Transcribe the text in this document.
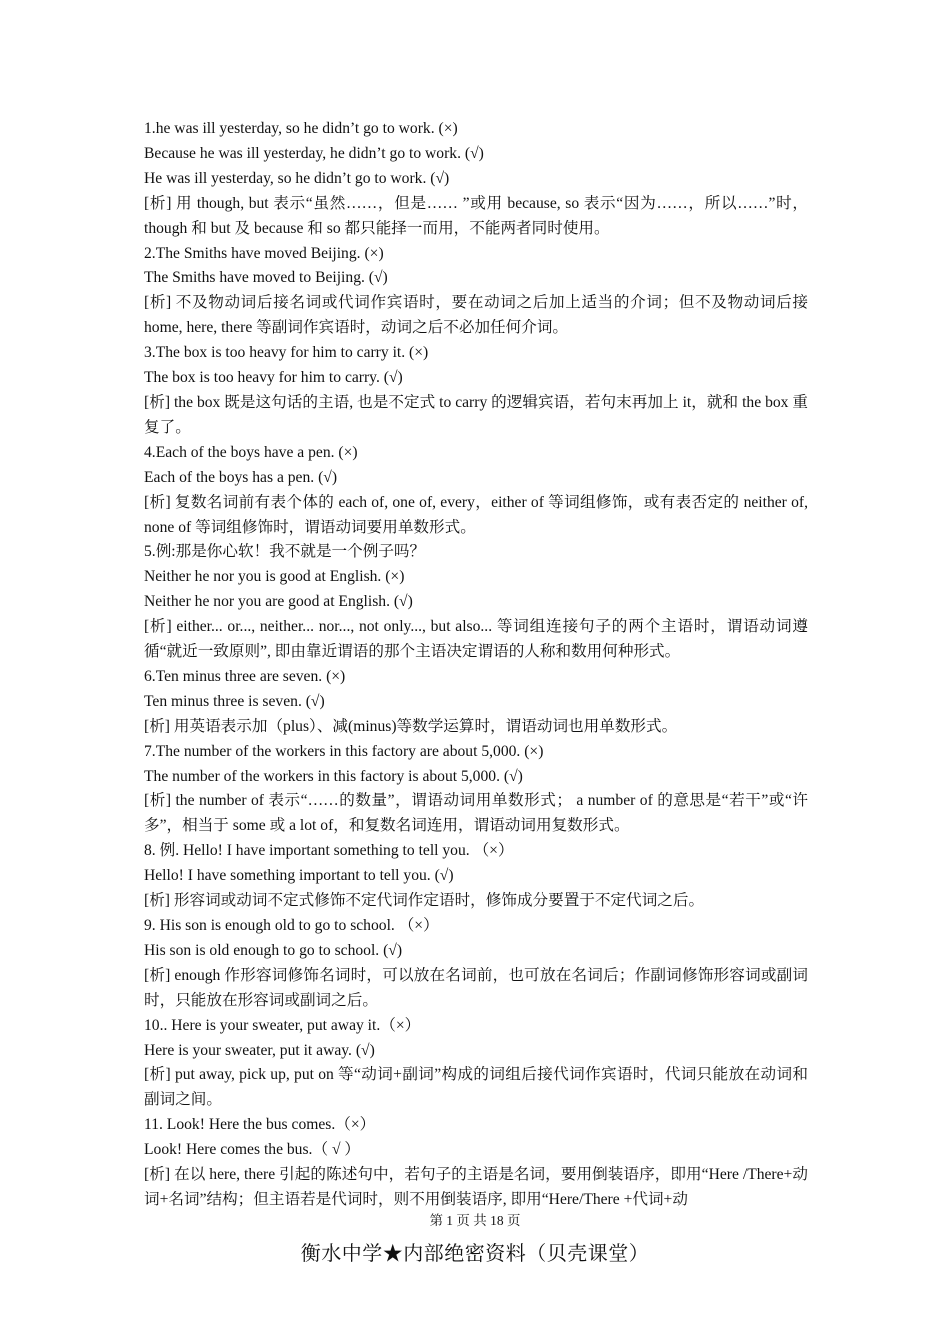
1.he was ill yesterday, so he didn’t go to work. (×)
Because he was ill yesterday, he didn’t go to work. (√)
He was ill yesterday, so he didn’t go to work. (√)
[析] 用 though, but 表示“虽然……，但是…… ”或用 because, so 表示“因为……，所以……”时，though 和 but 及 because 和 so 都只能择一而用，不能两者同时使用。
2.The Smiths have moved Beijing. (×)
The Smiths have moved to Beijing. (√)
[析] 不及物动词后接名词或代词作宾语时，要在动词之后加上适当的介词；但不及物动词后接 home, here, there 等副词作宾语时，动词之后不必加任何介词。
3.The box is too heavy for him to carry it. (×)
The box is too heavy for him to carry. (√)
[析] the box 既是这句话的主语, 也是不定式 to carry 的逻辑宾语，若句末再加上 it，就和 the box 重复了。
4.Each of the boys have a pen. (×)
Each of the boys has a pen. (√)
[析] 复数名词前有表个体的 each of, one of, every，either of 等词组修饰，或有表否定的 neither of, none of 等词组修饰时，谓语动词要用单数形式。
5.例:那是你心软！我不就是一个例子吗？
Neither he nor you is good at English. (×)
Neither he nor you are good at English. (√)
[析] either... or..., neither... nor..., not only..., but also... 等词组连接句子的两个主语时，谓语动词遵循“就近一致原则”, 即由靠近谓语的那个主语决定谓语的人称和数用何种形式。
6.Ten minus three are seven. (×)
Ten minus three is seven. (√)
[析] 用英语表示加（plus）、减(minus)等数学运算时，谓语动词也用单数形式。
7.The number of the workers in this factory are about 5,000. (×)
The number of the workers in this factory is about 5,000. (√)
[析] the number of 表示“……的数量”，谓语动词用单数形式； a number of 的意思是“若干”或“许多”，相当于 some 或 a lot of，和复数名词连用，谓语动词用复数形式。
8. 例. Hello! I have important something to tell you. （×）
Hello! I have something important to tell you. (√)
[析] 形容词或动词不定式修饰不定代词作定语时，修饰成分要置于不定代词之后。
9. His son is enough old to go to school. （×）
His son is old enough to go to school. (√)
[析] enough 作形容词修饰名词时，可以放在名词前，也可放在名词后；作副词修饰形容词或副词时，只能放在形容词或副词之后。
10.. Here is your sweater, put away it.（×）
Here is your sweater, put it away. (√)
[析] put away, pick up, put on 等“动词+副词”构成的词组后接代词作宾语时，代词只能放在动词和副词之间。
11. Look! Here the bus comes.（×）
Look! Here comes the bus.（ √ ）
[析] 在以 here, there 引起的陈述句中，若句子的主语是名词，要用倒装语序，即用“Here /There+动词+名词”结构；但主语若是代词时，则不用倒装语序, 即用“Here/There +代词+动
第 1 页 共 18 页
衡水中学★内部绝密资料（贝壳课堂）
